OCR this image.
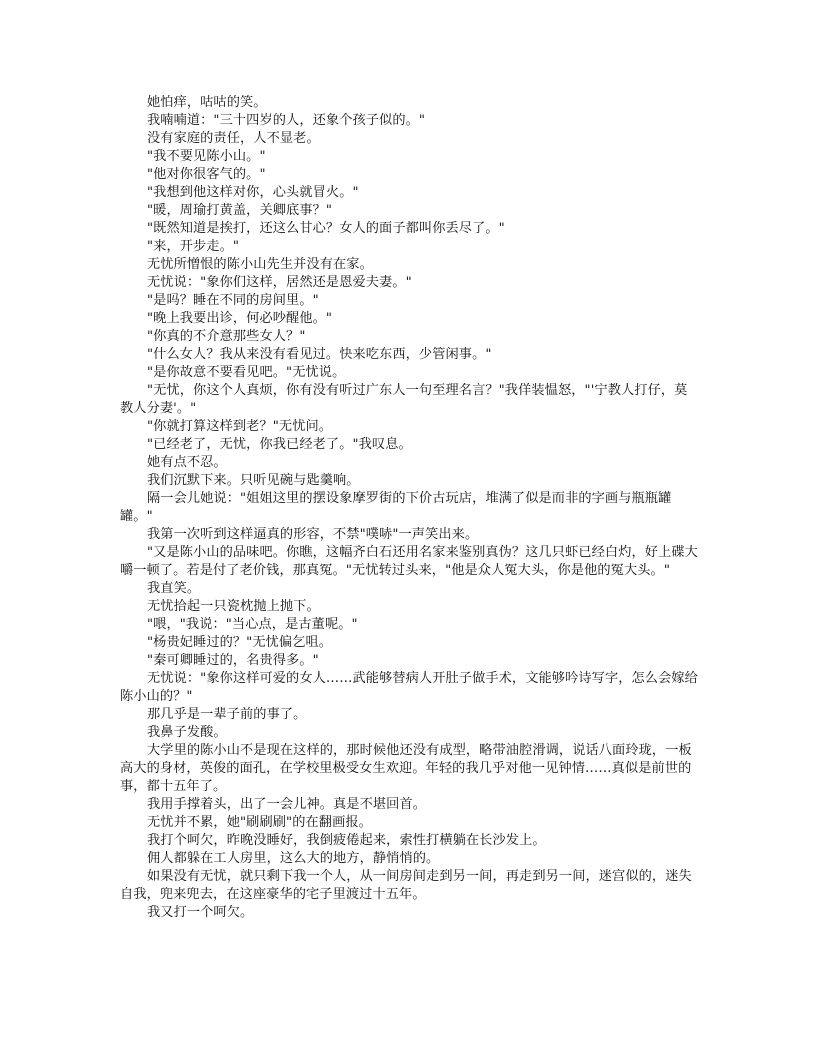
她怕痒，咕咕的笑。

我喃喃道："三十四岁的人，还象个孩子似的。"

没有家庭的责任，人不显老。

"我不要见陈小山。"

"他对你很客气的。"

"我想到他这样对你，心头就冒火。"

"暖，周瑜打黄盖，关卿底事？"

"既然知道是挨打，还这么甘心？女人的面子都叫你丢尽了。"

"来，开步走。"

无忧所憎恨的陈小山先生并没有在家。

无忧说："象你们这样，居然还是恩爱夫妻。"

"是吗？睡在不同的房间里。"

"晚上我要出诊，何必吵醒他。"

"你真的不介意那些女人？"

"什么女人？我从来没有看见过。快来吃东西，少管闲事。"

"是你故意不要看见吧。"无忧说。

"无忧，你这个人真烦，你有没有听过广东人一句至理名言？"我佯装愠怒，"'宁教人打仔，莫教人分妻'。"

"你就打算这样到老？"无忧问。

"已经老了，无忧，你我已经老了。"我叹息。

她有点不忍。

我们沉默下来。只听见碗与匙羹响。

隔一会儿她说："姐姐这里的摆设象摩罗街的下价古玩店，堆满了似是而非的字画与瓶瓶罐罐。"

我第一次听到这样逼真的形容，不禁"噗哧"一声笑出来。

"又是陈小山的品味吧。你瞧，这幅齐白石还用名家来鉴别真伪？这几只虾已经白灼，好上碟大嚼一顿了。若是付了老价钱，那真冤。"无忧转过头来，"他是众人冤大头，你是他的冤大头。"

我直笑。

无忧拾起一只瓷枕抛上抛下。

"喂，"我说："当心点，是古董呢。"

"杨贵妃睡过的？"无忧偏乞咀。

"秦可卿睡过的，名贵得多。"

无忧说："象你这样可爱的女人……武能够替病人开肚子做手术，文能够吟诗写字，怎么会嫁给陈小山的？"

那几乎是一辈子前的事了。

我鼻子发酸。

大学里的陈小山不是现在这样的，那时候他还没有成型，略带油腔滑调，说话八面玲珑，一板高大的身材，英俊的面孔，在学校里极受女生欢迎。年轻的我几乎对他一见钟情……真似是前世的事，都十五年了。

我用手撑着头，出了一会儿神。真是不堪回首。

无忧并不累，她"刷刷刷"的在翻画报。

我打个呵欠，昨晚没睡好，我倒疲倦起来，索性打横躺在长沙发上。

佣人都躲在工人房里，这么大的地方，静悄悄的。

如果没有无忧，就只剩下我一个人，从一间房间走到另一间，再走到另一间，迷宫似的，迷失自我，兜来兜去，在这座豪华的宅子里渡过十五年。

我又打一个呵欠。
